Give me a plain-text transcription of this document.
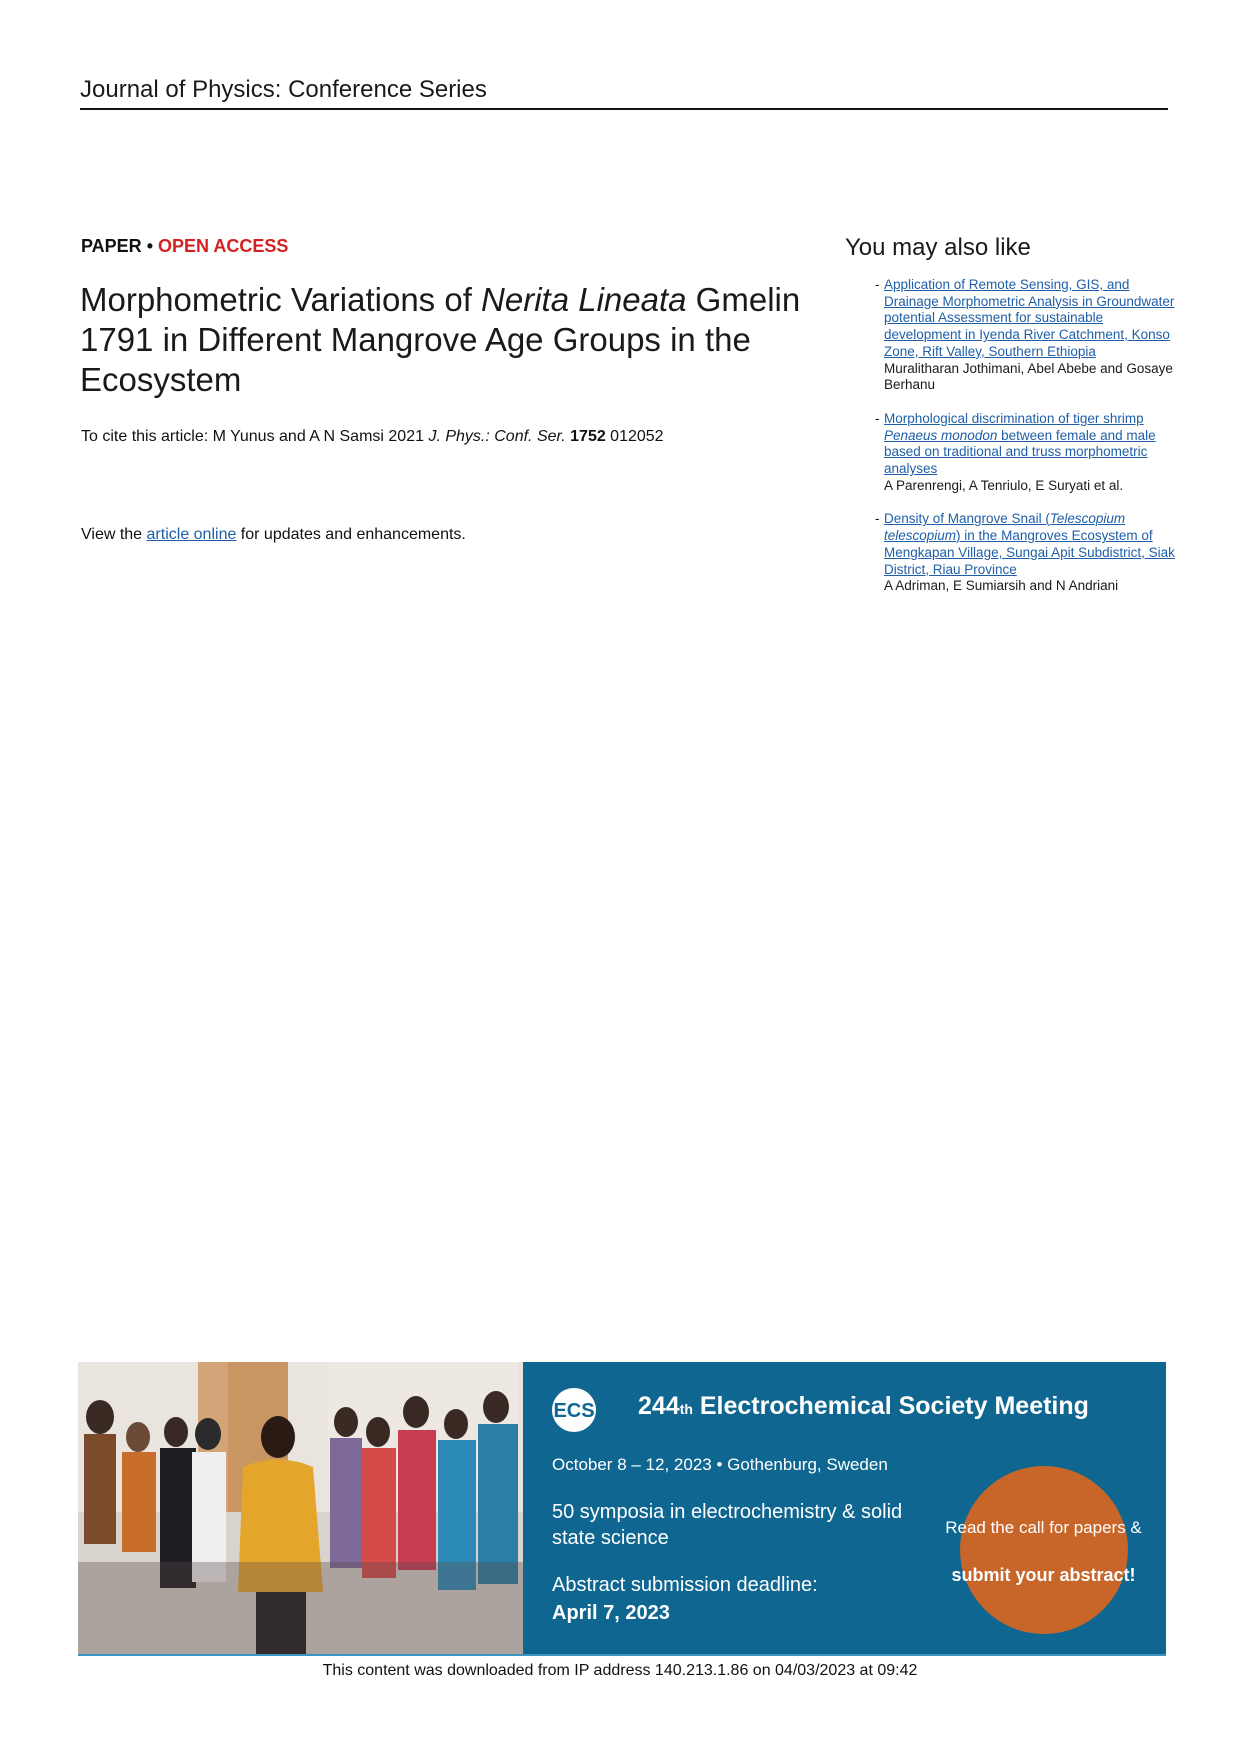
Journal of Physics: Conference Series
PAPER • OPEN ACCESS
Morphometric Variations of Nerita Lineata Gmelin 1791 in Different Mangrove Age Groups in the Ecosystem
To cite this article: M Yunus and A N Samsi 2021 J. Phys.: Conf. Ser. 1752 012052
View the article online for updates and enhancements.
You may also like
- Application of Remote Sensing, GIS, and Drainage Morphometric Analysis in Groundwater potential Assessment for sustainable development in Iyenda River Catchment, Konso Zone, Rift Valley, Southern Ethiopia
Muralitharan Jothimani, Abel Abebe and Gosaye Berhanu
- Morphological discrimination of tiger shrimp Penaeus monodon between female and male based on traditional and truss morphometric analyses
A Parenrengi, A Tenriulo, E Suryati et al.
- Density of Mangrove Snail (Telescopium telescopium) in the Mangroves Ecosystem of Mengkapan Village, Sungai Apit Subdistrict, Siak District, Riau Province
A Adriman, E Sumiarsih and N Andriani
ECS 244th Electrochemical Society Meeting
October 8 – 12, 2023 • Gothenburg, Sweden
50 symposia in electrochemistry & solid state science
Abstract submission deadline:
April 7, 2023
Read the call for papers &
submit your abstract!
This content was downloaded from IP address 140.213.1.86 on 04/03/2023 at 09:42
